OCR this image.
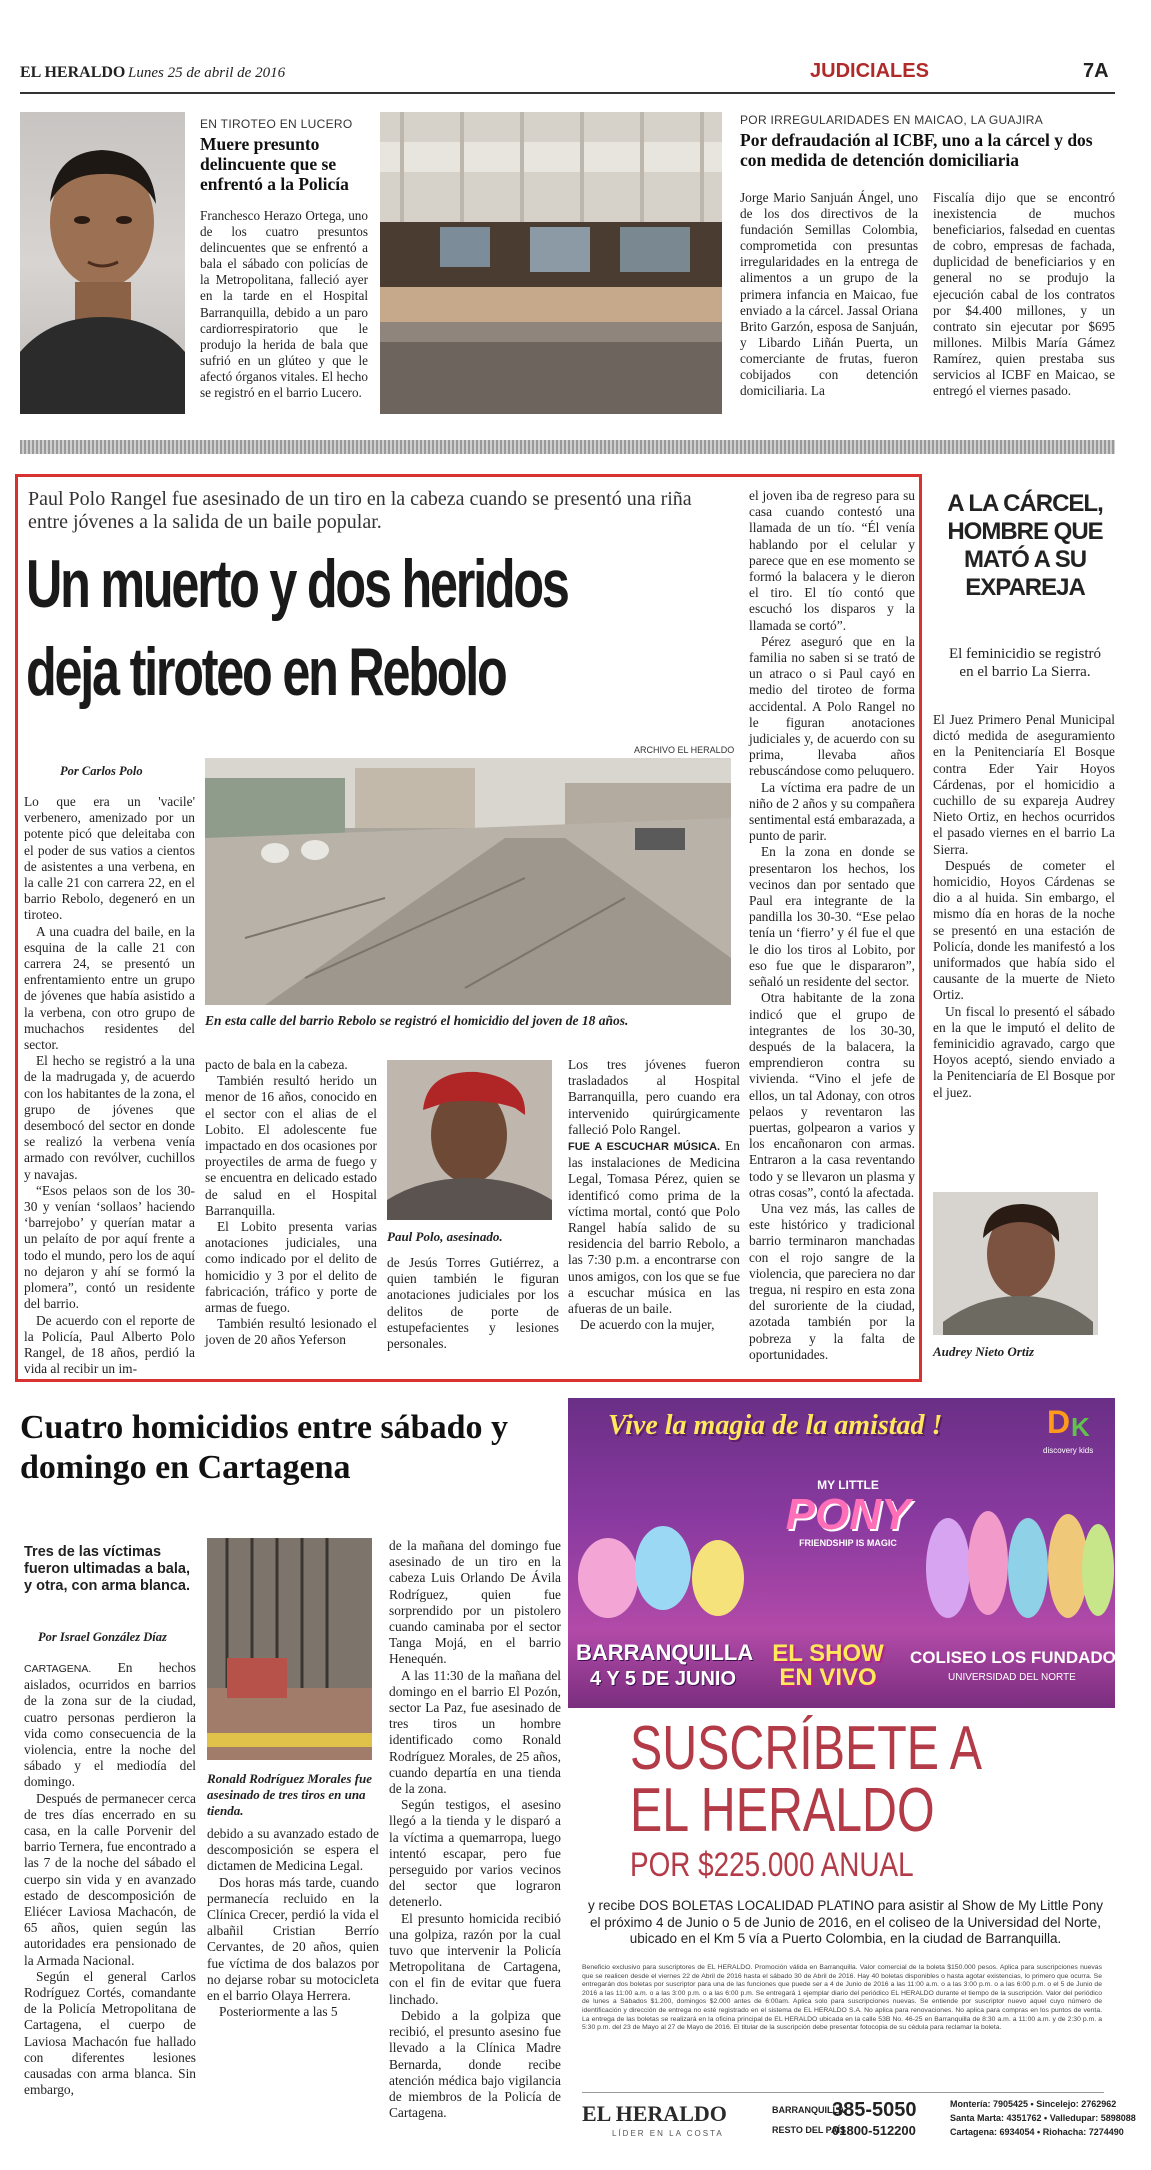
EL HERALDO Lunes 25 de abril de 2016	JUDICIALES	7A
EN TIROTEO EN LUCERO
Muere presunto delincuente que se enfrentó a la Policía

Franchesco Herazo Ortega, uno de los cuatro presuntos delincuentes que se enfrentó a bala el sábado con policías de la Metropolitana, falleció ayer en la tarde en el Hospital Barranquilla, debido a un paro cardiorrespiratorio que le produjo la herida de bala que sufrió en un glúteo y que le afectó órganos vitales. El hecho se registró en el barrio Lucero.

POR IRREGULARIDADES EN MAICAO, LA GUAJIRA
Por defraudación al ICBF, uno a la cárcel y dos con medida de detención domiciliaria

Jorge Mario Sanjuán Ángel, uno de los dos directivos de la fundación Semillas Colombia, comprometida con presuntas irregularidades en la entrega de alimentos a un grupo de la primera infancia en Maicao, fue enviado a la cárcel. Jassal Oriana Brito Garzón, esposa de Sanjuán, y Libardo Liñán Puerta, un comerciante de frutas, fueron cobijados con detención domiciliaria. La

Fiscalía dijo que se encontró inexistencia de muchos beneficiarios, falsedad en cuentas de cobro, empresas de fachada, duplicidad de beneficiarios y en general no se produjo la ejecución cabal de los contratos por $4.400 millones, y un contrato sin ejecutar por $695 millones. Milbis María Gámez Ramírez, quien prestaba sus servicios al ICBF en Maicao, se entregó el viernes pasado.

Paul Polo Rangel fue asesinado de un tiro en la cabeza cuando se presentó una riña entre jóvenes a la salida de un baile popular.
Un muerto y dos heridos
deja tiroteo en Rebolo
Por Carlos Polo
ARCHIVO EL HERALDO
En esta calle del barrio Rebolo se registró el homicidio del joven de 18 años.

Lo que era un 'vacile' verbenero, amenizado por un potente picó que deleitaba con el poder de sus vatios a cientos de asistentes a una verbena, en la calle 21 con carrera 22, en el barrio Rebolo, degeneró en un tiroteo.

A una cuadra del baile, en la esquina de la calle 21 con carrera 24, se presentó un enfrentamiento entre un grupo de jóvenes que había asistido a la verbena, con otro grupo de muchachos residentes del sector.

El hecho se registró a la una de la madrugada y, de acuerdo con los habitantes de la zona, el grupo de jóvenes que desembocó del sector en donde se realizó la verbena venía armado con revólver, cuchillos y navajas.

“Esos pelaos son de los 30-30 y venían ‘sollaos’ haciendo ‘barrejobo’ y querían matar a un pelaíto de por aquí frente a todo el mundo, pero los de aquí no dejaron y ahí se formó la plomera”, contó un residente del barrio.

De acuerdo con el reporte de la Policía, Paul Alberto Polo Rangel, de 18 años, perdió la vida al recibir un im-

pacto de bala en la cabeza.

También resultó herido un menor de 16 años, conocido en el sector con el alias de el Lobito. El adolescente fue impactado en dos ocasiones por proyectiles de arma de fuego y se encuentra en delicado estado de salud en el Hospital Barranquilla.

El Lobito presenta varias anotaciones judiciales, una como indicado por el delito de homicidio y 3 por el delito de fabricación, tráfico y porte de armas de fuego.

También resultó lesionado el joven de 20 años Yeferson

Paul Polo, asesinado.

de Jesús Torres Gutiérrez, a quien también le figuran anotaciones judiciales por los delitos de porte de estupefacientes y lesiones personales.

Los tres jóvenes fueron trasladados al Hospital Barranquilla, pero cuando era intervenido quirúrgicamente falleció Polo Rangel.

FUE A ESCUCHAR MÚSICA. En las instalaciones de Medicina Legal, Tomasa Pérez, quien se identificó como prima de la víctima mortal, contó que Polo Rangel había salido de su residencia del barrio Rebolo, a las 7:30 p.m. a encontrarse con unos amigos, con los que se fue a escuchar música en las afueras de un baile.

De acuerdo con la mujer,

el joven iba de regreso para su casa cuando contestó una llamada de un tío. “Él venía hablando por el celular y parece que en ese momento se formó la balacera y le dieron el tiro. El tío contó que escuchó los disparos y la llamada se cortó”.

Pérez aseguró que en la familia no saben si se trató de un atraco o si Paul cayó en medio del tiroteo de forma accidental. A Polo Rangel no le figuran anotaciones judiciales y, de acuerdo con su prima, llevaba años rebuscándose como peluquero.

La víctima era padre de un niño de 2 años y su compañera sentimental está embarazada, a punto de parir.

En la zona en donde se presentaron los hechos, los vecinos dan por sentado que Paul era integrante de la pandilla los 30-30. “Ese pelao tenía un ‘fierro’ y él fue el que le dio los tiros al Lobito, por eso fue que le dispararon”, señaló un residente del sector.

Otra habitante de la zona indicó que el grupo de integrantes de los 30-30, después de la balacera, la emprendieron contra su vivienda. “Vino el jefe de ellos, un tal Adonay, con otros pelaos y reventaron las puertas, golpearon a varios y los encañonaron con armas. Entraron a la casa reventando todo y se llevaron un plasma y otras cosas”, contó la afectada.

Una vez más, las calles de este histórico y tradicional barrio terminaron manchadas con el rojo sangre de la violencia, que pareciera no dar tregua, ni respiro en esta zona del suroriente de la ciudad, azotada también por la pobreza y la falta de oportunidades.

A LA CÁRCEL, HOMBRE QUE MATÓ A SU EXPAREJA
El feminicidio se registró en el barrio La Sierra.

El Juez Primero Penal Municipal dictó medida de aseguramiento en la Penitenciaría El Bosque contra Eder Yair Hoyos Cárdenas, por el homicidio a cuchillo de su expareja Audrey Nieto Ortiz, en hechos ocurridos el pasado viernes en el barrio La Sierra.

Después de cometer el homicidio, Hoyos Cárdenas se dio a al huida. Sin embargo, el mismo día en horas de la noche se presentó en una estación de Policía, donde les manifestó a los uniformados que había sido el causante de la muerte de Nieto Ortiz.

Un fiscal lo presentó el sábado en la que le imputó el delito de feminicidio agravado, cargo que Hoyos aceptó, siendo enviado a la Penitenciaría de El Bosque por el juez.

Audrey Nieto Ortiz
Cuatro homicidios entre sábado y domingo en Cartagena
Tres de las víctimas fueron ultimadas a bala, y otra, con arma blanca.
Por Israel González Díaz

CARTAGENA. En hechos aislados, ocurridos en barrios de la zona sur de la ciudad, cuatro personas perdieron la vida como consecuencia de la violencia, entre la noche del sábado y el mediodía del domingo.

Después de permanecer cerca de tres días encerrado en su casa, en la calle Porvenir del barrio Ternera, fue encontrado a las 7 de la noche del sábado el cuerpo sin vida y en avanzado estado de descomposición de Eliécer Laviosa Machacón, de 65 años, quien según las autoridades era pensionado de la Armada Nacional.

Según el general Carlos Rodríguez Cortés, comandante de la Policía Metropolitana de Cartagena, el cuerpo de Laviosa Machacón fue hallado con diferentes lesiones causadas con arma blanca. Sin embargo,

Ronald Rodríguez Morales fue asesinado de tres tiros en una tienda.

debido a su avanzado estado de descomposición se espera el dictamen de Medicina Legal.

Dos horas más tarde, cuando permanecía recluido en la Clínica Crecer, perdió la vida el albañil Cristian Berrío Cervantes, de 20 años, quien fue víctima de dos balazos por no dejarse robar su motocicleta en el barrio Olaya Herrera.

Posteriormente a las 5

de la mañana del domingo fue asesinado de un tiro en la cabeza Luis Orlando De Ávila Rodríguez, quien fue sorprendido por un pistolero cuando caminaba por el sector Tanga Mojá, en el barrio Henequén.

A las 11:30 de la mañana del domingo en el barrio El Pozón, sector La Paz, fue asesinado de tres tiros un hombre identificado como Ronald Rodríguez Morales, de 25 años, cuando departía en una tienda de la zona.

Según testigos, el asesino llegó a la tienda y le disparó a la víctima a quemarropa, luego intentó escapar, pero fue perseguido por varios vecinos del sector que lograron detenerlo.

El presunto homicida recibió una golpiza, razón por la cual tuvo que intervenir la Policía Metropolitana de Cartagena, con el fin de evitar que fuera linchado.

Debido a la golpiza que recibió, el presunto asesino fue llevado a la Clínica Madre Bernarda, donde recibe atención médica bajo vigilancia de miembros de la Policía de Cartagena.

Vive la magia de la amistad !	D K
discovery kids
MY LITTLE
PONY
FRIENDSHIP IS MAGIC
BARRANQUILLA
4 Y 5 DE JUNIO
EL SHOW EN VIVO
COLISEO LOS FUNDADORES
UNIVERSIDAD DEL NORTE
SUSCRÍBETE A
EL HERALDO
POR $225.000 ANUAL
y recibe DOS BOLETAS LOCALIDAD PLATINO para asistir al Show de My Little Pony el próximo 4 de Junio o 5 de Junio de 2016, en el coliseo de la Universidad del Norte, ubicado en el Km 5 vía a Puerto Colombia, en la ciudad de Barranquilla.
Beneficio exclusivo para suscriptores de EL HERALDO. Promoción válida en Barranquilla. Valor comercial de la boleta $150.000 pesos. Aplica para suscripciones nuevas que se realicen desde el viernes 22 de Abril de 2016 hasta el sábado 30 de Abril de 2016. Hay 40 boletas disponibles o hasta agotar existencias, lo primero que ocurra. Se entregarán dos boletas por suscriptor para una de las funciones que puede ser a 4 de Junio de 2016 a las 11:00 a.m. o a las 3:00 p.m. o a las 6:00 p.m. o el 5 de Junio de 2016 a las 11:00 a.m. o a las 3:00 p.m. o a las 6:00 p.m. Se entregará 1 ejemplar diario del periódico EL HERALDO durante el tiempo de la suscripción. Valor del periódico de lunes a Sábados $1.200, domingos $2.000 antes de 6:00am. Aplica solo para suscripciones nuevas. Se entiende por suscriptor nuevo aquel cuyo número de identificación y dirección de entrega no esté registrado en el sistema de EL HERALDO S.A. No aplica para renovaciones. No aplica para compras en los puntos de venta. La entrega de las boletas se realizará en la oficina principal de EL HERALDO ubicada en la calle 53B No. 46-25 en Barranquilla de 8:30 a.m. a 11:00 a.m. y de 2:30 p.m. a 5:30 p.m. del 23 de Mayo al 27 de Mayo de 2016. El titular de la suscripción debe presentar fotocopia de su cédula para reclamar la boleta.
EL HERALDO
LÍDER EN LA COSTA
BARRANQUILLA
385-5050
RESTO DEL PAÍS
01800-512200
Montería: 7905425 • Sincelejo: 2762962
Santa Marta: 4351762 • Valledupar: 5898088
Cartagena: 6934054 • Riohacha: 7274490
